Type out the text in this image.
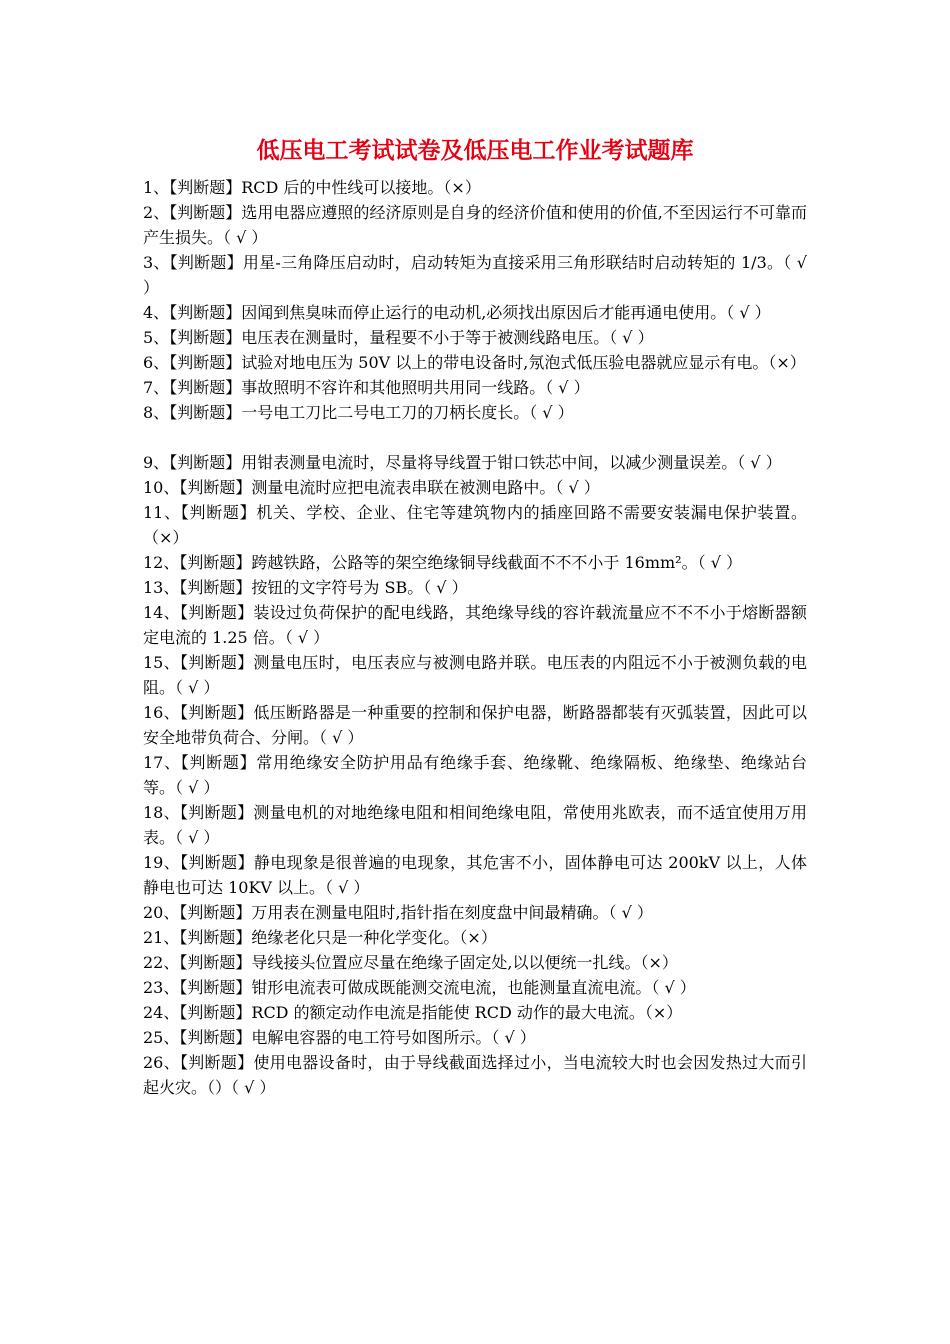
低压电工考试试卷及低压电工作业考试题库

1、【判断题】RCD 后的中性线可以接地。（×）

2、【判断题】选用电器应遵照的经济原则是自身的经济价值和使用的价值,不至因运行不可靠而产生损失。（ √ ）

3、【判断题】用星-三角降压启动时，启动转矩为直接采用三角形联结时启动转矩的 1/3。（ √ ）

4、【判断题】因闻到焦臭味而停止运行的电动机,必须找出原因后才能再通电使用。（ √ ）

5、【判断题】电压表在测量时，量程要不小于等于被测线路电压。（ √ ）

6、【判断题】试验对地电压为 50V 以上的带电设备时,氖泡式低压验电器就应显示有电。（×）

7、【判断题】事故照明不容许和其他照明共用同一线路。（ √ ）

8、【判断题】一号电工刀比二号电工刀的刀柄长度长。（ √ ）

9、【判断题】用钳表测量电流时，尽量将导线置于钳口铁芯中间，以减少测量误差。（ √ ）

10、【判断题】测量电流时应把电流表串联在被测电路中。（ √ ）

11、【判断题】机关、学校、企业、住宅等建筑物内的插座回路不需要安装漏电保护装置。（×）

12、【判断题】跨越铁路，公路等的架空绝缘铜导线截面不不不小于 16mm²。（ √ ）

13、【判断题】按钮的文字符号为 SB。（ √ ）

14、【判断题】装设过负荷保护的配电线路，其绝缘导线的容许载流量应不不不小于熔断器额定电流的 1.25 倍。（ √ ）

15、【判断题】测量电压时，电压表应与被测电路并联。电压表的内阻远不小于被测负载的电阻。（ √ ）

16、【判断题】低压断路器是一种重要的控制和保护电器，断路器都装有灭弧装置，因此可以安全地带负荷合、分闸。（ √ ）

17、【判断题】常用绝缘安全防护用品有绝缘手套、绝缘靴、绝缘隔板、绝缘垫、绝缘站台等。（ √ ）

18、【判断题】测量电机的对地绝缘电阻和相间绝缘电阻，常使用兆欧表，而不适宜使用万用表。（ √ ）

19、【判断题】静电现象是很普遍的电现象，其危害不小，固体静电可达 200kV 以上，人体静电也可达 10KV 以上。（ √ ）

20、【判断题】万用表在测量电阻时,指针指在刻度盘中间最精确。（ √ ）

21、【判断题】绝缘老化只是一种化学变化。（×）

22、【判断题】导线接头位置应尽量在绝缘子固定处,以以便统一扎线。（×）

23、【判断题】钳形电流表可做成既能测交流电流，也能测量直流电流。（ √ ）

24、【判断题】RCD 的额定动作电流是指能使 RCD 动作的最大电流。（×）

25、【判断题】电解电容器的电工符号如图所示。（ √ ）

26、【判断题】使用电器设备时，由于导线截面选择过小，当电流较大时也会因发热过大而引起火灾。（）（ √ ）
